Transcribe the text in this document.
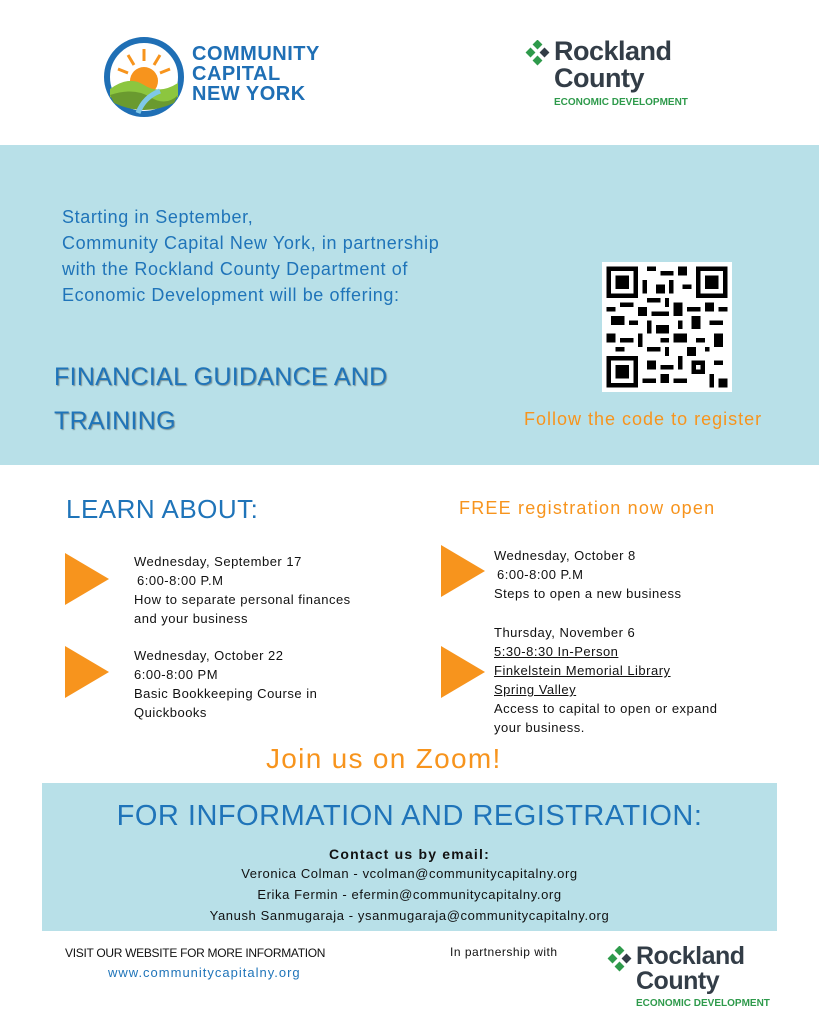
COMMUNITY
CAPITAL
NEW YORK
Rockland
County
ECONOMIC DEVELOPMENT
Starting in September,
Community Capital New York, in partnership
with the Rockland County Department of
Economic Development will be offering:
FINANCIAL GUIDANCE AND
TRAINING	Follow the code to register
LEARN ABOUT:	FREE registration now open
Wednesday, September 17
6:00-8:00 P.M
How to separate personal finances
and your business
Wednesday, October 22
6:00-8:00 PM
Basic Bookkeeping Course in
Quickbooks
Wednesday, October 8
6:00-8:00 P.M
Steps to open a new business
Thursday, November 6
5:30-8:30 In-Person
Finkelstein Memorial Library
Spring Valley
Access to capital to open or expand
your business.
Join us on Zoom!
FOR INFORMATION AND REGISTRATION:
Contact us by email:
Veronica Colman - vcolman@communitycapitalny.org
Erika Fermin - efermin@communitycapitalny.org
Yanush Sanmugaraja - ysanmugaraja@communitycapitalny.org
VISIT OUR WEBSITE FOR MORE INFORMATION
www.communitycapitalny.org
In partnership with	Rockland
County
ECONOMIC DEVELOPMENT
